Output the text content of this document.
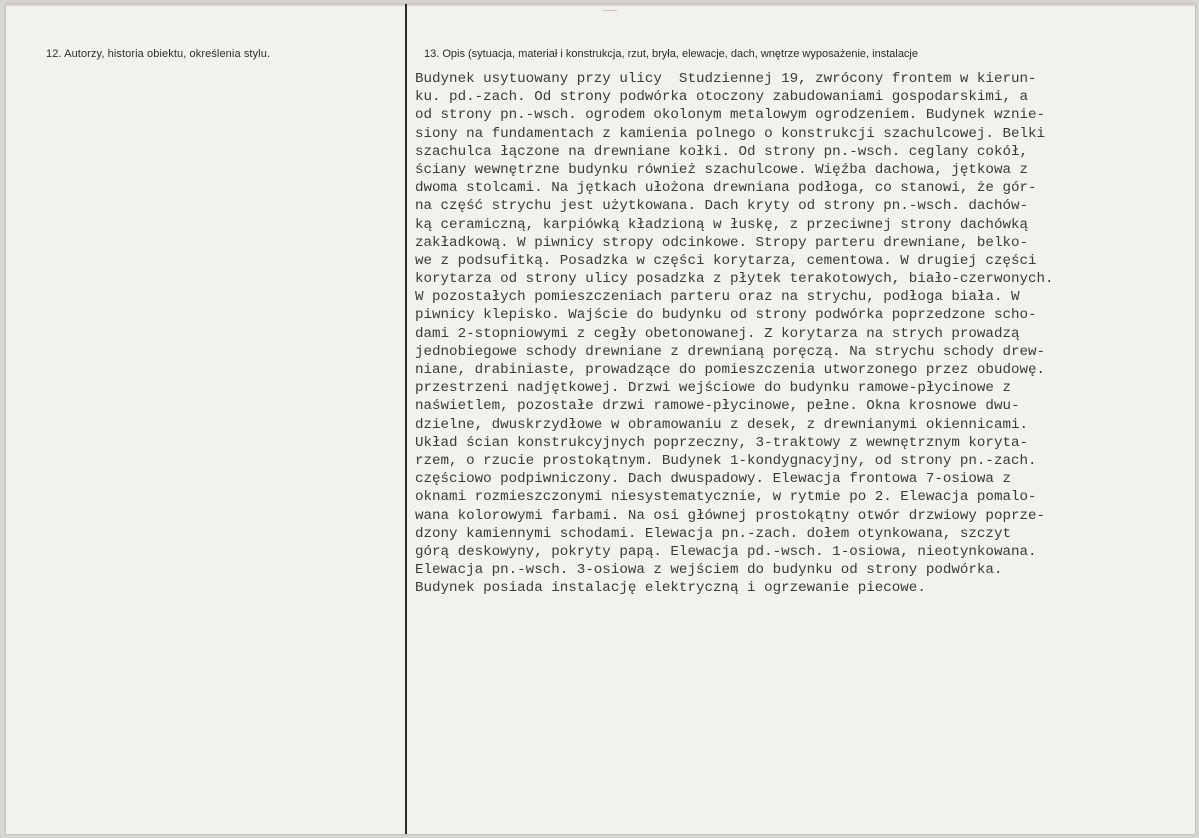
12. Autorzy, historia obiektu, określenia stylu.	13. Opis (sytuacja, materiał i konstrukcja, rzut, bryła, elewacje, dach, wnętrze wyposażenie, instalacje
Budynek usytuowany przy ulicy  Studziennej 19, zwrócony frontem w kierun-
ku. pd.-zach. Od strony podwórka otoczony zabudowaniami gospodarskimi, a
od strony pn.-wsch. ogrodem okolonym metalowym ogrodzeniem. Budynek wznie-
siony na fundamentach z kamienia polnego o konstrukcji szachulcowej. Belki
szachulca łączone na drewniane kołki. Od strony pn.-wsch. ceglany cokół,
ściany wewnętrzne budynku również szachulcowe. Więźba dachowa, jętkowa z
dwoma stolcami. Na jętkach ułożona drewniana podłoga, co stanowi, że gór-
na część strychu jest użytkowana. Dach kryty od strony pn.-wsch. dachów-
ką ceramiczną, karpiówką kładzioną w łuskę, z przeciwnej strony dachówką
zakładkową. W piwnicy stropy odcinkowe. Stropy parteru drewniane, belko-
we z podsufitką. Posadzka w części korytarza, cementowa. W drugiej części
korytarza od strony ulicy posadzka z płytek terakotowych, biało-czerwonych.
W pozostałych pomieszczeniach parteru oraz na strychu, podłoga biała. W
piwnicy klepisko. Wajście do budynku od strony podwórka poprzedzone scho-
dami 2-stopniowymi z cegły obetonowanej. Z korytarza na strych prowadzą
jednobiegowe schody drewniane z drewnianą poręczą. Na strychu schody drew-
niane, drabiniaste, prowadzące do pomieszczenia utworzonego przez obudowę.
przestrzeni nadjętkowej. Drzwi wejściowe do budynku ramowe-płycinowe z
naświetlem, pozostałe drzwi ramowe-płycinowe, pełne. Okna krosnowe dwu-
dzielne, dwuskrzydłowe w obramowaniu z desek, z drewnianymi okiennicami.
Układ ścian konstrukcyjnych poprzeczny, 3-traktowy z wewnętrznym koryta-
rzem, o rzucie prostokątnym. Budynek 1-kondygnacyjny, od strony pn.-zach.
częściowo podpiwniczony. Dach dwuspadowy. Elewacja frontowa 7-osiowa z
oknami rozmieszczonymi niesystematycznie, w rytmie po 2. Elewacja pomalo-
wana kolorowymi farbami. Na osi głównej prostokątny otwór drzwiowy poprze-
dzony kamiennymi schodami. Elewacja pn.-zach. dołem otynkowana, szczyt
górą deskowyny, pokryty papą. Elewacja pd.-wsch. 1-osiowa, nieotynkowana.
Elewacja pn.-wsch. 3-osiowa z wejściem do budynku od strony podwórka.
Budynek posiada instalację elektryczną i ogrzewanie piecowe.
